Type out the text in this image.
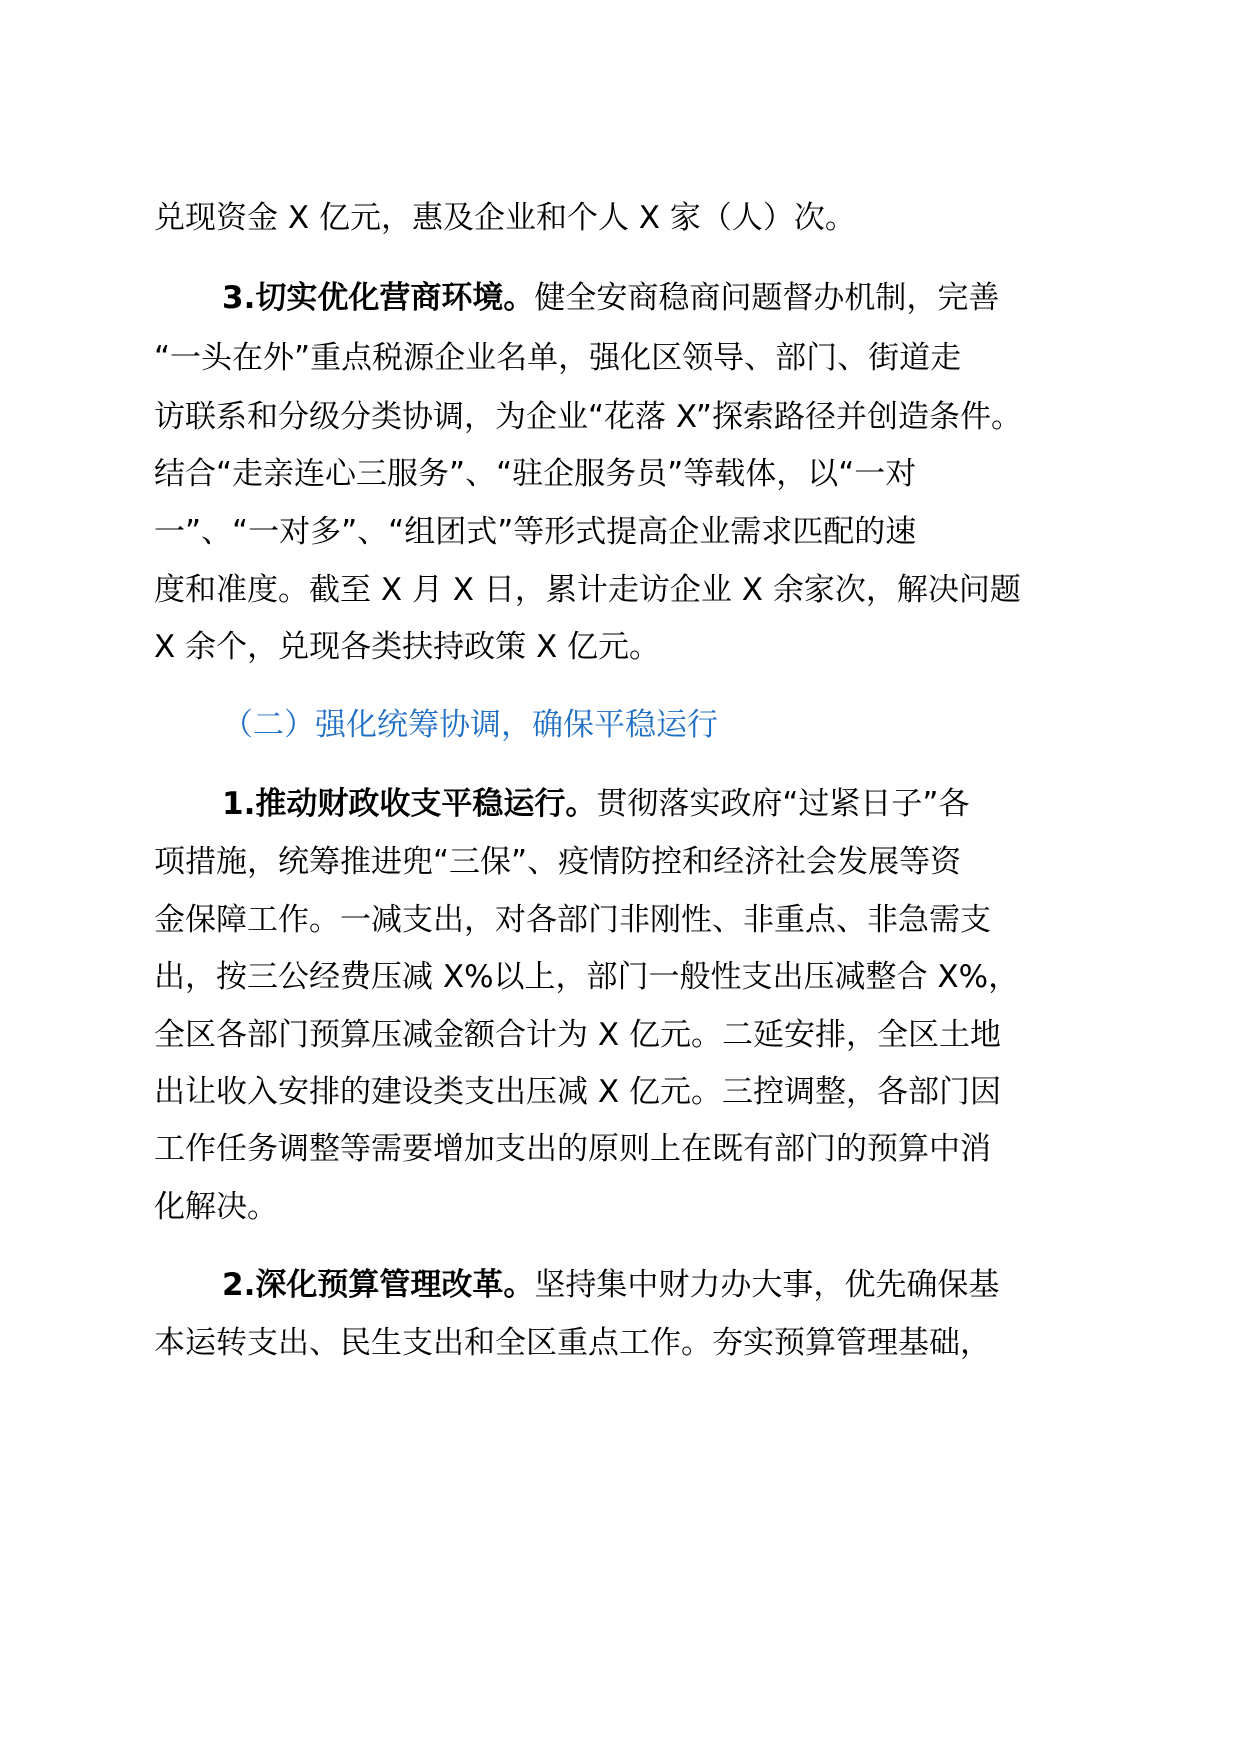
兑现资金 X 亿元，惠及企业和个人 X 家（人）次。
3.切实优化营商环境。健全安商稳商问题督办机制，完善
“一头在外”重点税源企业名单，强化区领导、部门、街道走
访联系和分级分类协调，为企业“花落 X”探索路径并创造条件。
结合“走亲连心三服务”、“驻企服务员”等载体，以“一对
一”、“一对多”、“组团式”等形式提高企业需求匹配的速
度和准度。截至 X 月 X 日，累计走访企业 X 余家次，解决问题
X 余个，兑现各类扶持政策 X 亿元。
（二）强化统筹协调，确保平稳运行
1.推动财政收支平稳运行。贯彻落实政府“过紧日子”各
项措施，统筹推进兜“三保”、疫情防控和经济社会发展等资
金保障工作。一减支出，对各部门非刚性、非重点、非急需支
出，按三公经费压减 X%以上，部门一般性支出压减整合 X%，
全区各部门预算压减金额合计为 X 亿元。二延安排，全区土地
出让收入安排的建设类支出压减 X 亿元。三控调整，各部门因
工作任务调整等需要增加支出的原则上在既有部门的预算中消
化解决。
2.深化预算管理改革。坚持集中财力办大事，优先确保基
本运转支出、民生支出和全区重点工作。夯实预算管理基础，
